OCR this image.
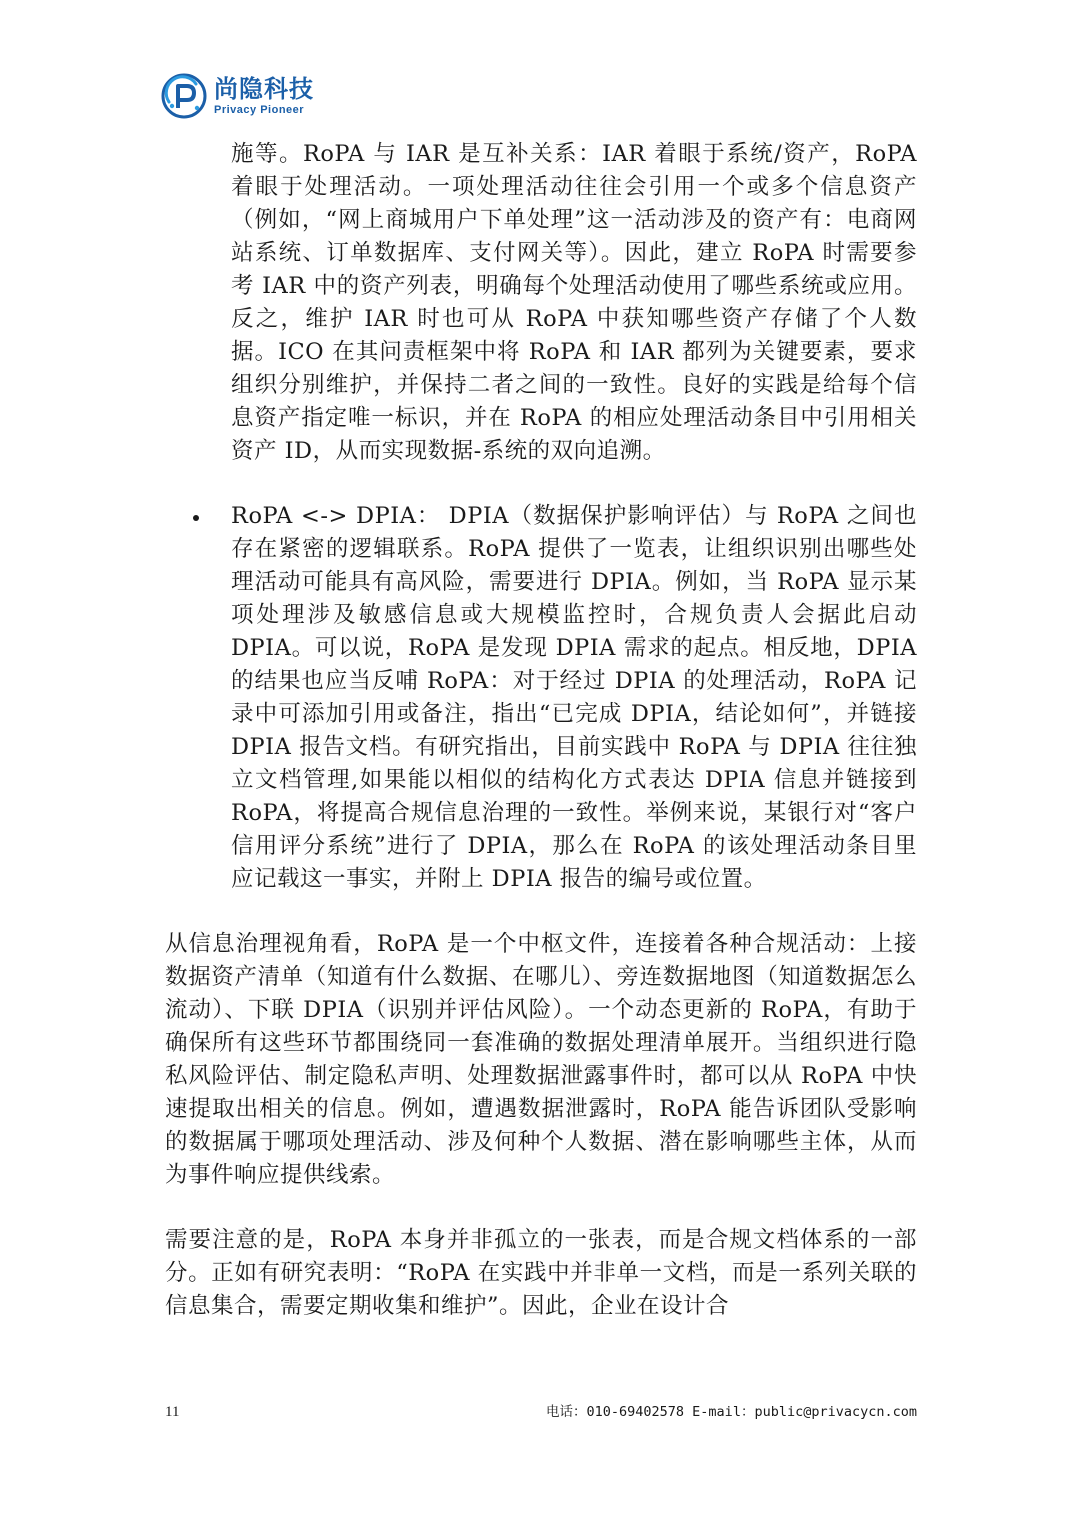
尚隐科技
Privacy Pioneer

施等。RoPA 与 IAR 是互补关系：IAR 着眼于系统/资产，RoPA 着眼于处理活动。一项处理活动往往会引用一个或多个信息资产（例如，“网上商城用户下单处理”这一活动涉及的资产有：电商网站系统、订单数据库、支付网关等）。因此，建立 RoPA 时需要参考 IAR 中的资产列表，明确每个处理活动使用了哪些系统或应用。反之，维护 IAR 时也可从 RoPA 中获知哪些资产存储了个人数据。ICO 在其问责框架中将 RoPA 和 IAR 都列为关键要素，要求组织分别维护，并保持二者之间的一致性。良好的实践是给每个信息资产指定唯一标识，并在 RoPA 的相应处理活动条目中引用相关资产 ID，从而实现数据-系统的双向追溯。

RoPA <-> DPIA： DPIA（数据保护影响评估）与 RoPA 之间也存在紧密的逻辑联系。RoPA 提供了一览表，让组织识别出哪些处理活动可能具有高风险，需要进行 DPIA。例如，当 RoPA 显示某项处理涉及敏感信息或大规模监控时，合规负责人会据此启动 DPIA。可以说，RoPA 是发现 DPIA 需求的起点。相反地，DPIA 的结果也应当反哺 RoPA：对于经过 DPIA 的处理活动，RoPA 记录中可添加引用或备注，指出“已完成 DPIA，结论如何”，并链接 DPIA 报告文档。有研究指出，目前实践中 RoPA 与 DPIA 往往独立文档管理,如果能以相似的结构化方式表达 DPIA 信息并链接到 RoPA，将提高合规信息治理的一致性。举例来说，某银行对“客户信用评分系统”进行了 DPIA，那么在 RoPA 的该处理活动条目里应记载这一事实，并附上 DPIA 报告的编号或位置。

从信息治理视角看，RoPA 是一个中枢文件，连接着各种合规活动：上接数据资产清单（知道有什么数据、在哪儿）、旁连数据地图（知道数据怎么流动）、下联 DPIA（识别并评估风险）。一个动态更新的 RoPA，有助于确保所有这些环节都围绕同一套准确的数据处理清单展开。当组织进行隐私风险评估、制定隐私声明、处理数据泄露事件时，都可以从 RoPA 中快速提取出相关的信息。例如，遭遇数据泄露时，RoPA 能告诉团队受影响的数据属于哪项处理活动、涉及何种个人数据、潜在影响哪些主体，从而为事件响应提供线索。

需要注意的是，RoPA 本身并非孤立的一张表，而是合规文档体系的一部分。正如有研究表明：“RoPA 在实践中并非单一文档，而是一系列关联的信息集合，需要定期收集和维护”。因此，企业在设计合

11	电话：010-69402578 E-mail：public@privacycn.com
